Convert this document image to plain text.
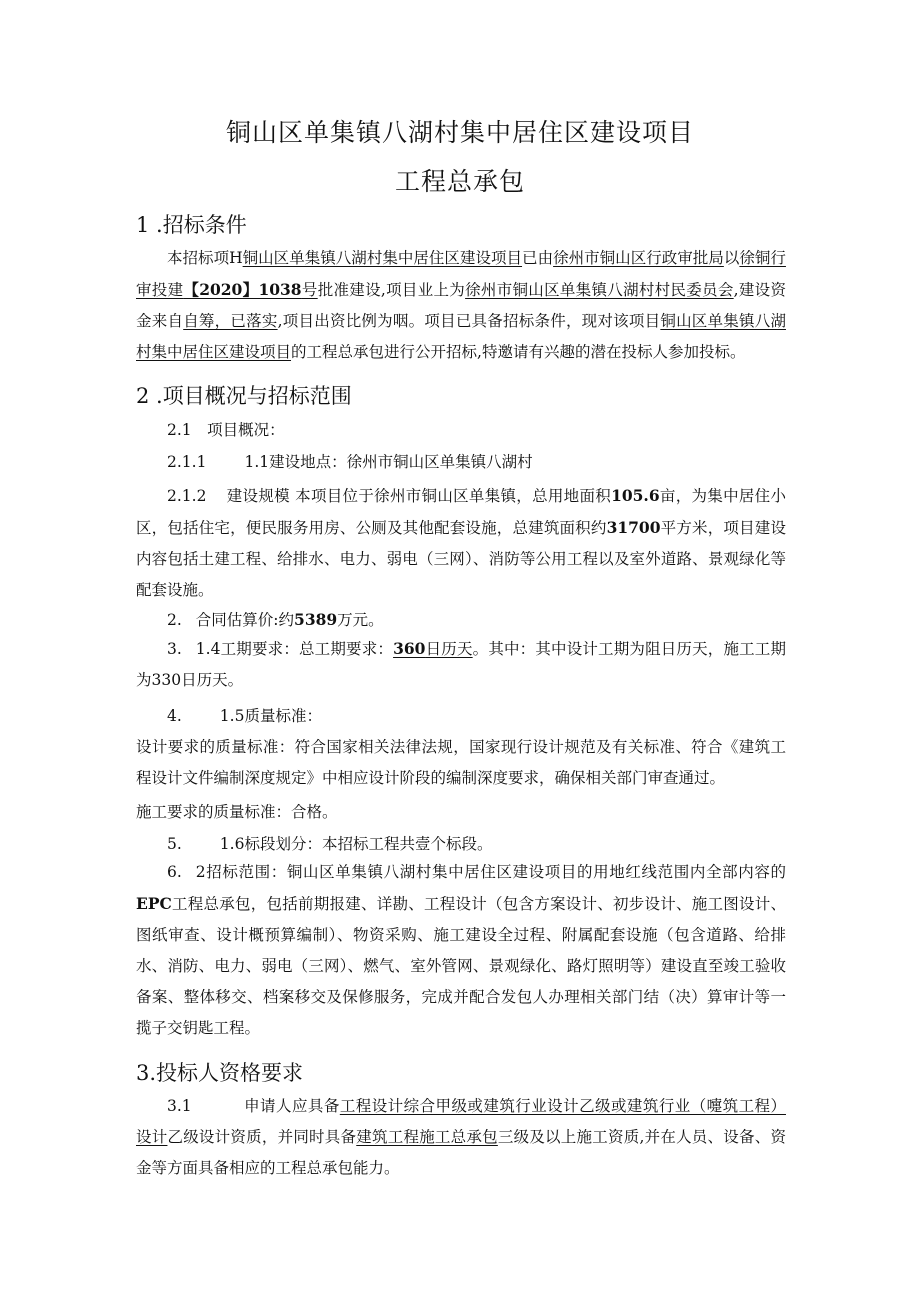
铜山区单集镇八湖村集中居住区建设项目
工程总承包
1 .招标条件
本招标项H铜山区单集镇八湖村集中居住区建设项目已由徐州市铜山区行政审批局以徐铜行审投建【2020】1038号批准建设,项目业上为徐州市铜山区单集镇八湖村村民委员会,建设资金来自自筹，已落实,项目出资比例为咽。项目已具备招标条件，现对该项目铜山区单集镇八湖村集中居住区建设项目的工程总承包进行公开招标,特邀请有兴趣的潜在投标人参加投标。
2 .项目概况与招标范围
2.1　项目概况：
2.1.1 1.1建设地点：徐州市铜山区单集镇八湖村
2.1.2 建设规模 本项目位于徐州市铜山区单集镇，总用地面积105.6亩，为集中居住小区，包括住宅，便民服务用房、公厕及其他配套设施，总建筑面积约31700平方米，项目建设内容包括土建工程、给排水、电力、弱电（三网）、消防等公用工程以及室外道路、景观绿化等配套设施。
2. 合同估算价:约5389万元。
3. 1.4工期要求：总工期要求：360日历天。其中：其中设计工期为阻日历天，施工工期为330日历天。
4. 1.5质量标准：
设计要求的质量标准：符合国家相关法律法规，国家现行设计规范及有关标准、符合《建筑工程设计文件编制深度规定》中相应设计阶段的编制深度要求，确保相关部门审查通过。
施工要求的质量标准：合格。
5. 1.6标段划分：本招标工程共壹个标段。
6. 2招标范围：铜山区单集镇八湖村集中居住区建设项目的用地红线范围内全部内容的EPC工程总承包，包括前期报建、详勘、工程设计（包含方案设计、初步设计、施工图设计、图纸审查、设计概预算编制）、物资采购、施工建设全过程、附属配套设施（包含道路、给排水、消防、电力、弱电（三网）、燃气、室外管网、景观绿化、路灯照明等）建设直至竣工验收备案、整体移交、档案移交及保修服务，完成并配合发包人办理相关部门结（决）算审计等一揽子交钥匙工程。
3.投标人资格要求
3.1	申请人应具备工程设计综合甲级或建筑行业设计乙级或建筑行业（嚏筑工程）设计乙级设计资质，并同时具备建筑工程施工总承包三级及以上施工资质,并在人员、设备、资金等方面具备相应的工程总承包能力。
